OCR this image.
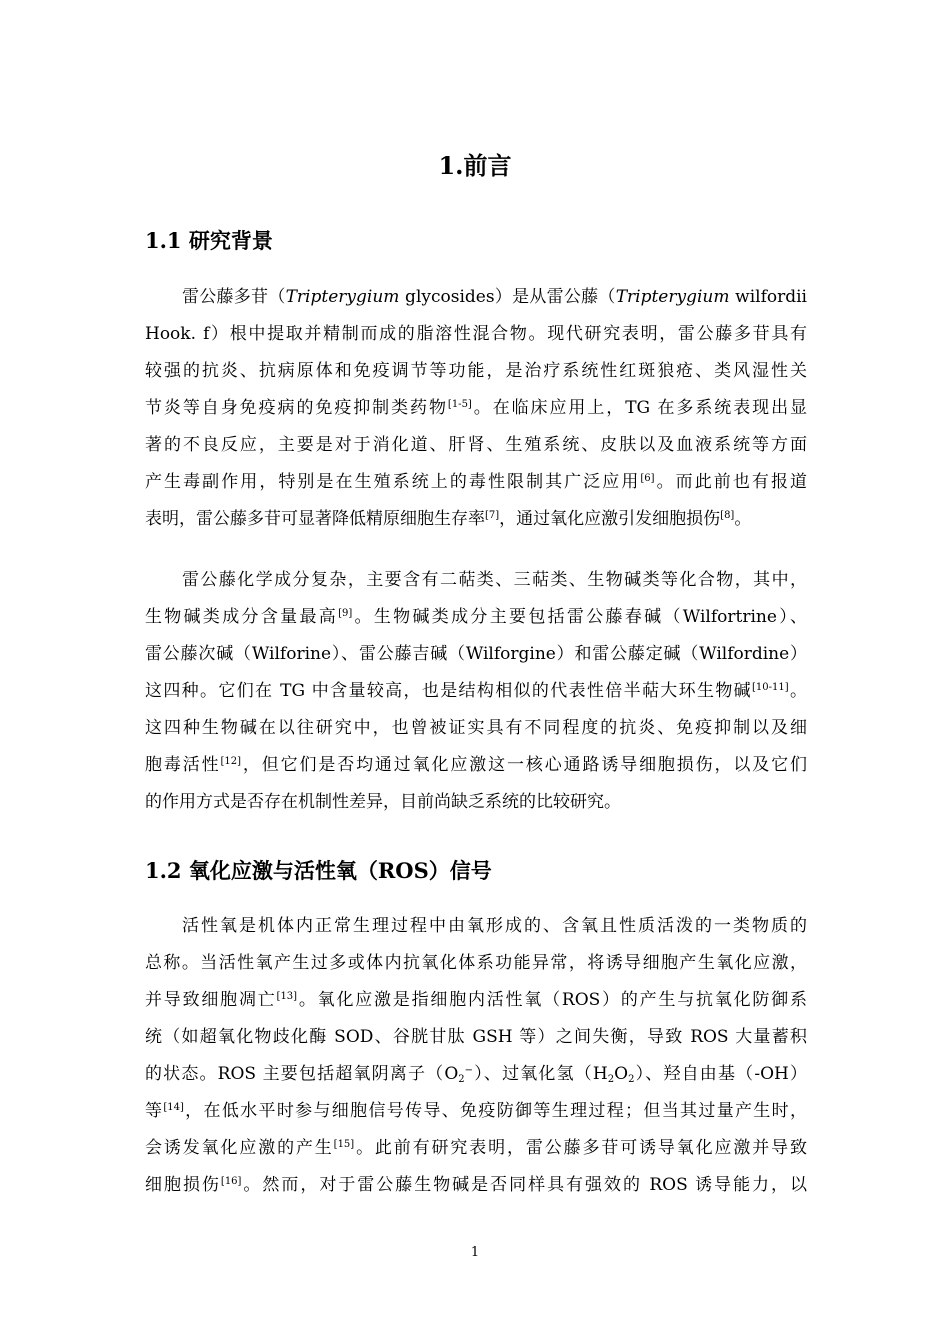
1.前言
1.1 研究背景
雷公藤多苷（Tripterygium glycosides）是从雷公藤（Tripterygium wilfordii
Hook. f）根中提取并精制而成的脂溶性混合物。现代研究表明，雷公藤多苷具有
较强的抗炎、抗病原体和免疫调节等功能，是治疗系统性红斑狼疮、类风湿性关
节炎等自身免疫病的免疫抑制类药物[1-5]。在临床应用上，TG 在多系统表现出显
著的不良反应，主要是对于消化道、肝肾、生殖系统、皮肤以及血液系统等方面
产生毒副作用，特别是在生殖系统上的毒性限制其广泛应用[6]。而此前也有报道
表明，雷公藤多苷可显著降低精原细胞生存率[7]，通过氧化应激引发细胞损伤[8]。
雷公藤化学成分复杂，主要含有二萜类、三萜类、生物碱类等化合物，其中，
生物碱类成分含量最高[9]。生物碱类成分主要包括雷公藤春碱（Wilfortrine）、
雷公藤次碱（Wilforine）、雷公藤吉碱（Wilforgine）和雷公藤定碱（Wilfordine）
这四种。它们在 TG 中含量较高，也是结构相似的代表性倍半萜大环生物碱[10-11]。
这四种生物碱在以往研究中，也曾被证实具有不同程度的抗炎、免疫抑制以及细
胞毒活性[12]，但它们是否均通过氧化应激这一核心通路诱导细胞损伤，以及它们
的作用方式是否存在机制性差异，目前尚缺乏系统的比较研究。
1.2 氧化应激与活性氧（ROS）信号
活性氧是机体内正常生理过程中由氧形成的、含氧且性质活泼的一类物质的
总称。当活性氧产生过多或体内抗氧化体系功能异常，将诱导细胞产生氧化应激，
并导致细胞凋亡[13]。氧化应激是指细胞内活性氧（ROS）的产生与抗氧化防御系
统（如超氧化物歧化酶 SOD、谷胱甘肽 GSH 等）之间失衡，导致 ROS 大量蓄积
的状态。ROS 主要包括超氧阴离子$(O_2^-)$、过氧化氢$(H_2O_2)$、羟自由基（-OH）
等[14]，在低水平时参与细胞信号传导、免疫防御等生理过程；但当其过量产生时，
会诱发氧化应激的产生[15]。此前有研究表明，雷公藤多苷可诱导氧化应激并导致
细胞损伤[16]。然而，对于雷公藤生物碱是否同样具有强效的 ROS 诱导能力，以
1
